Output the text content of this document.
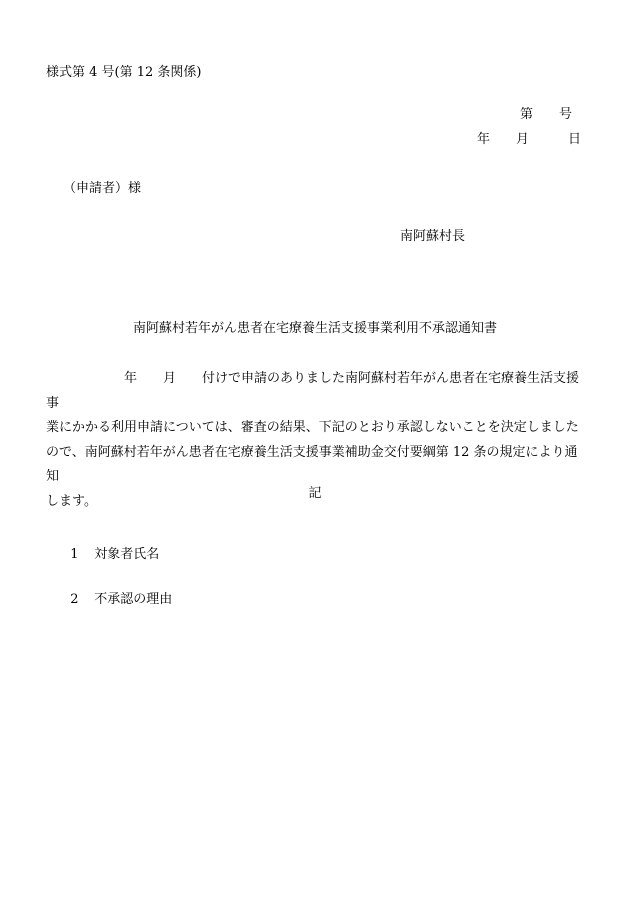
様式第 4 号(第 12 条関係)
第　　号
年　　月　　　日
（申請者）様
南阿蘇村長
南阿蘇村若年がん患者在宅療養生活支援事業利用不承認通知書

　　　　　　年　　月　　付けで申請のありました南阿蘇村若年がん患者在宅療養生活支援事
業にかかる利用申請については、審査の結果、下記のとおり承認しないことを決定しました
ので、南阿蘇村若年がん患者在宅療養生活支援事業補助金交付要綱第 12 条の規定により通知
します。	記

1 対象者氏名

2 不承認の理由
